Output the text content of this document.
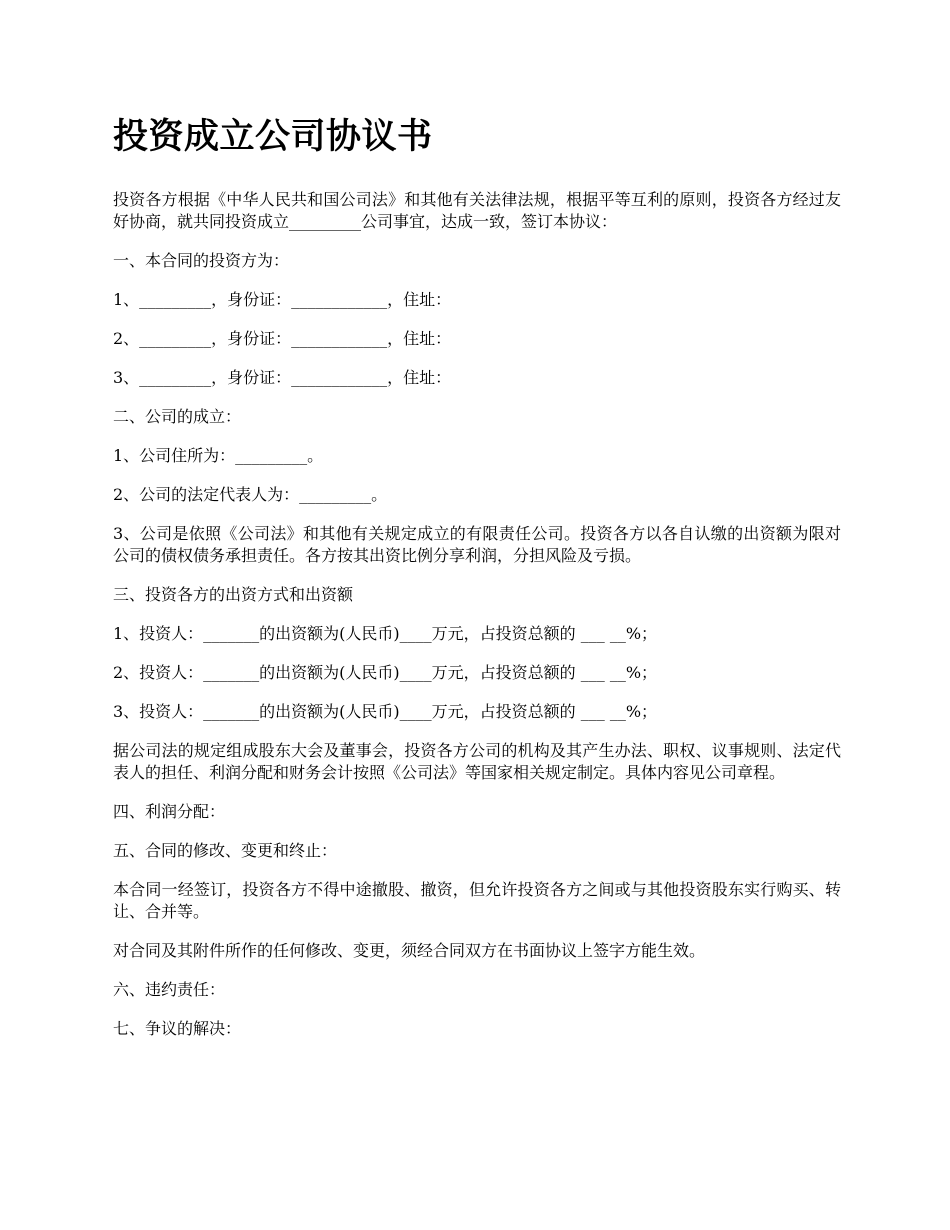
投资成立公司协议书

投资各方根据《中华人民共和国公司法》和其他有关法律法规，根据平等互利的原则，投资各方经过友好协商，就共同投资成立_________公司事宜，达成一致，签订本协议：

一、本合同的投资方为：

1、_________，身份证：____________，住址：

2、_________，身份证：____________，住址：

3、_________，身份证：____________，住址：

二、公司的成立：

1、公司住所为：_________。

2、公司的法定代表人为：_________。

3、公司是依照《公司法》和其他有关规定成立的有限责任公司。投资各方以各自认缴的出资额为限对公司的债权债务承担责任。各方按其出资比例分享利润，分担风险及亏损。

三、投资各方的出资方式和出资额

1、投资人：_______的出资额为(人民币)____万元，占投资总额的 ___ __%；

2、投资人：_______的出资额为(人民币)____万元，占投资总额的 ___ __%；

3、投资人：_______的出资额为(人民币)____万元，占投资总额的 ___ __%；

据公司法的规定组成股东大会及董事会，投资各方公司的机构及其产生办法、职权、议事规则、法定代表人的担任、利润分配和财务会计按照《公司法》等国家相关规定制定。具体内容见公司章程。

四、利润分配：

五、合同的修改、变更和终止：

本合同一经签订，投资各方不得中途撤股、撤资，但允许投资各方之间或与其他投资股东实行购买、转让、合并等。

对合同及其附件所作的任何修改、变更，须经合同双方在书面协议上签字方能生效。

六、违约责任：

七、争议的解决：
